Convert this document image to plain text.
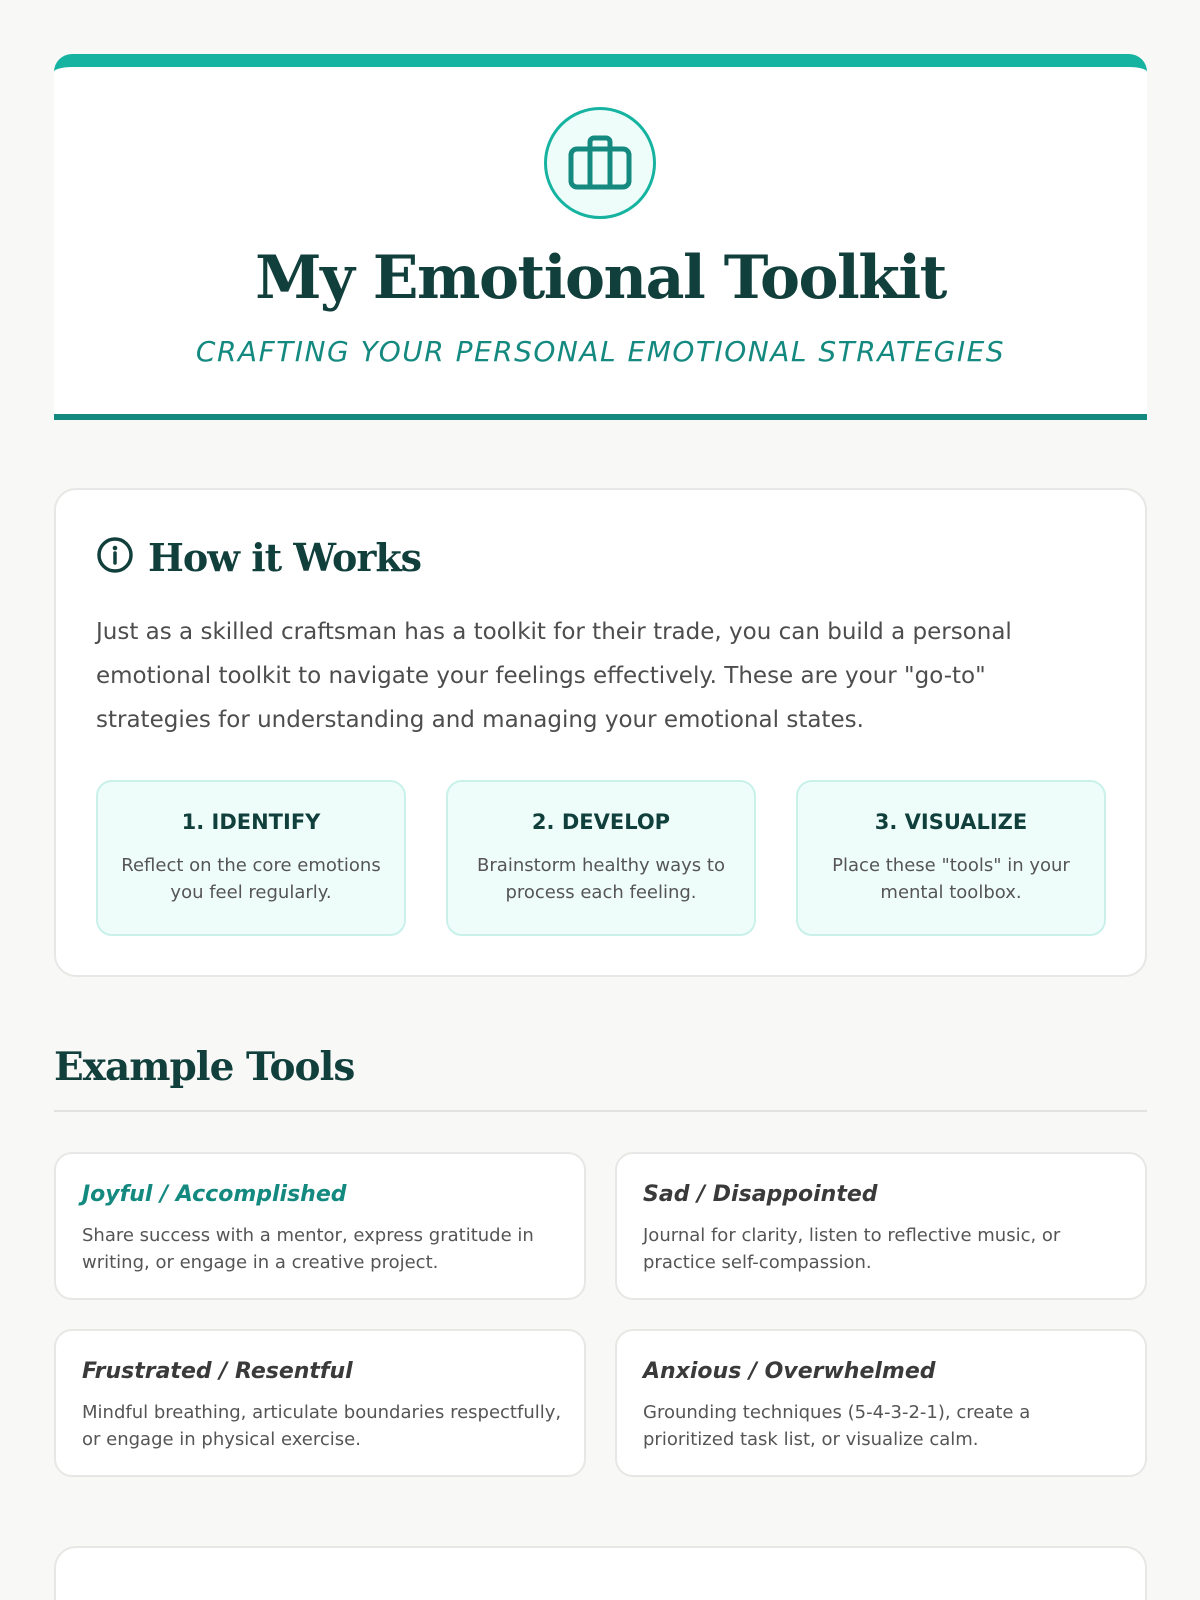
My Emotional Toolkit
CRAFTING YOUR PERSONAL EMOTIONAL STRATEGIES
How it Works

Just as a skilled craftsman has a toolkit for their trade, you can build a personal emotional toolkit to navigate your feelings effectively. These are your "go-to" strategies for understanding and managing your emotional states.

1. IDENTIFY
Reflect on the core emotions you feel regularly.
2. DEVELOP
Brainstorm healthy ways to process each feeling.
3. VISUALIZE
Place these "tools" in your mental toolbox.
Example Tools
Joyful / Accomplished
Share success with a mentor, express gratitude in writing, or engage in a creative project.
Sad / Disappointed
Journal for clarity, listen to reflective music, or practice self-compassion.
Frustrated / Resentful
Mindful breathing, articulate boundaries respectfully, or engage in physical exercise.
Anxious / Overwhelmed
Grounding techniques (5-4-3-2-1), create a prioritized task list, or visualize calm.
